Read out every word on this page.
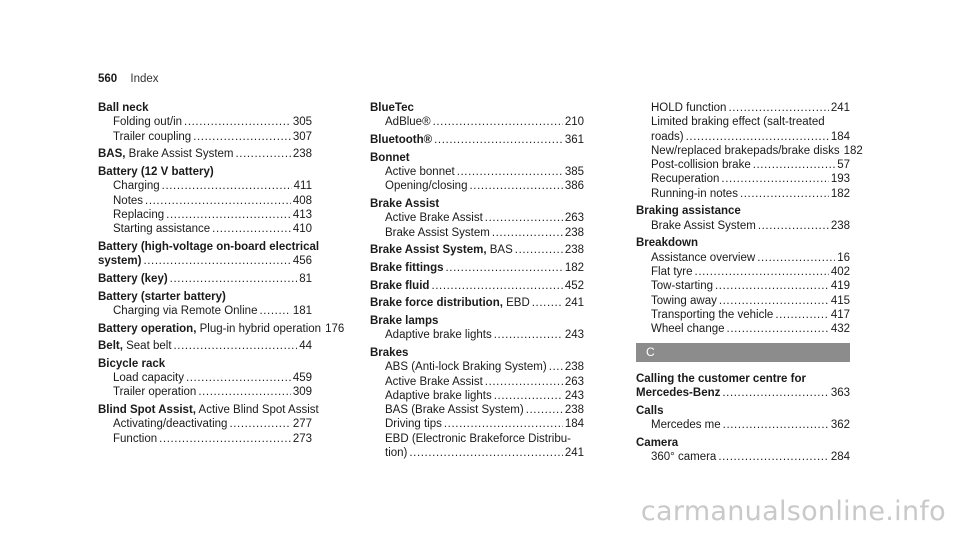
560 Index
Ball neck
Folding out/in .....	305
Trailer coupling .....	307
BAS, Brake Assist System .....	238
Battery (12 V battery)
Charging .....	411
Notes .....	408
Replacing .....	413
Starting assistance .....	410
Battery (high-voltage on-board electrical
system) .....	456
Battery (key) .....	81
Battery (starter battery)
Charging via Remote Online .....	181
Battery operation, Plug-in hybrid operation 176
Belt, Seat belt .....	44
Bicycle rack
Load capacity .....	459
Trailer operation .....	309
Blind Spot Assist, Active Blind Spot Assist
Activating/deactivating .....	277
Function .....	273
BlueTec
AdBlue® .....	210
Bluetooth® .....	361
Bonnet
Active bonnet .....	385
Opening/closing .....	386
Brake Assist
Active Brake Assist .....	263
Brake Assist System .....	238
Brake Assist System, BAS .....	238
Brake fittings .....	182
Brake fluid .....	452
Brake force distribution, EBD .....	241
Brake lamps
Adaptive brake lights .....	243
Brakes
ABS (Anti-lock Braking System) ..... 238
Active Brake Assist .....	263
Adaptive brake lights .....	243
BAS (Brake Assist System) .....	238
Driving tips .....	184
EBD (Electronic Brakeforce Distribu-
tion) .....	241
HOLD function .....	241
Limited braking effect (salt-treated
roads) .....	184
New/replaced brakepads/brake disks 182
Post-collision brake .....	57
Recuperation .....	193
Running-in notes .....	182
Braking assistance
Brake Assist System .....	238
Breakdown
Assistance overview .....	16
Flat tyre .....	402
Tow-starting .....	419
Towing away .....	415
Transporting the vehicle .....	417
Wheel change .....	432
C
Calling the customer centre for
Mercedes-Benz .....	363
Calls
Mercedes me .....	362
Camera
360° camera .....	284
carmanualsonline.info
